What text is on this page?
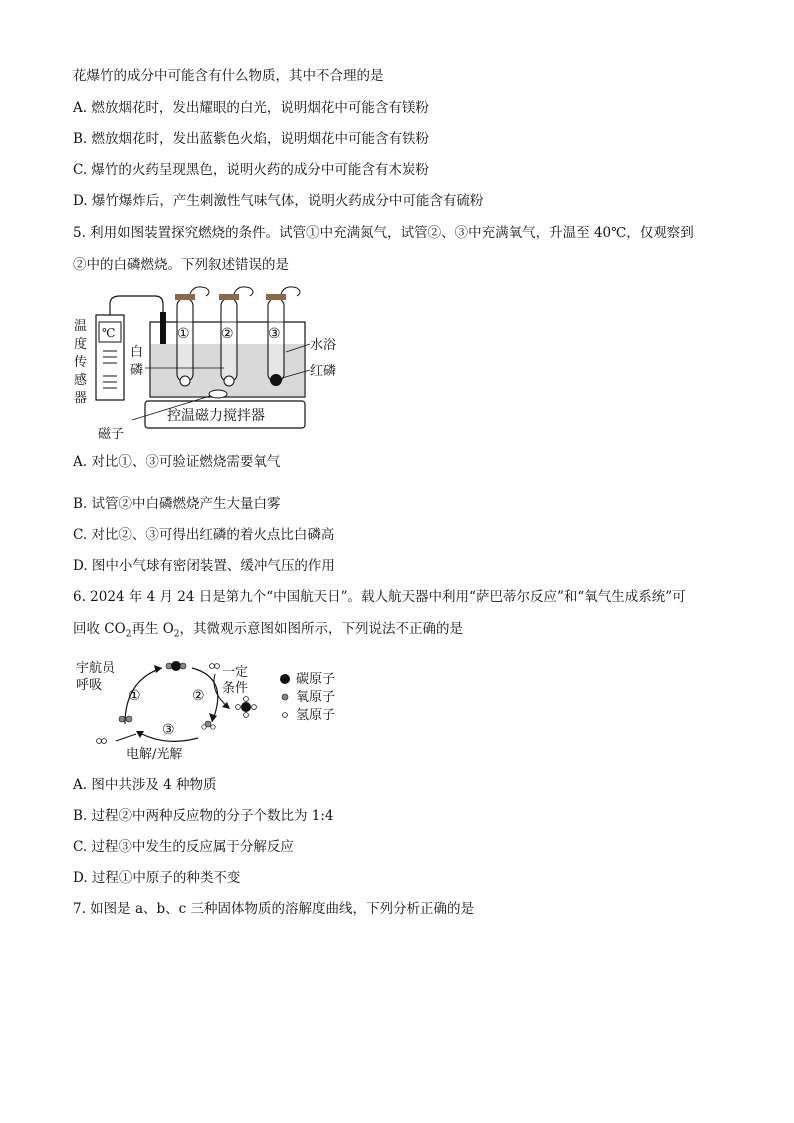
花爆竹的成分中可能含有什么物质，其中不合理的是
A. 燃放烟花时，发出耀眼的白光，说明烟花中可能含有镁粉
B. 燃放烟花时，发出蓝紫色火焰，说明烟花中可能含有铁粉
C. 爆竹的火药呈现黑色，说明火药的成分中可能含有木炭粉
D. 爆竹爆炸后，产生刺激性气味气体，说明火药成分中可能含有硫粉
5. 利用如图装置探究燃烧的条件。试管①中充满氮气，试管②、③中充满氧气，升温至 40℃，仅观察到
②中的白磷燃烧。下列叙述错误的是
℃
温
度
传
感
器
① ② ③
白
磷
水浴
红磷
控温磁力搅拌器
磁子
A. 对比①、③可验证燃烧需要氧气
B. 试管②中白磷燃烧产生大量白雾
C. 对比②、③可得出红磷的着火点比白磷高
D. 图中小气球有密闭装置、缓冲气压的作用
6. 2024 年 4 月 24 日是第九个“中国航天日”。载人航天器中利用“萨巴蒂尔反应”和“氧气生成系统”可
回收 $CO_2$再生 $O_2$，其微观示意图如图所示，下列说法不正确的是
宇航员
呼吸
①	②
③
一定
条件
电解/光解
碳原子
氧原子
氢原子
A. 图中共涉及 4 种物质
B. 过程②中两种反应物的分子个数比为 1:4
C. 过程③中发生的反应属于分解反应
D. 过程①中原子的种类不变
7. 如图是 a、b、c 三种固体物质的溶解度曲线，下列分析正确的是
